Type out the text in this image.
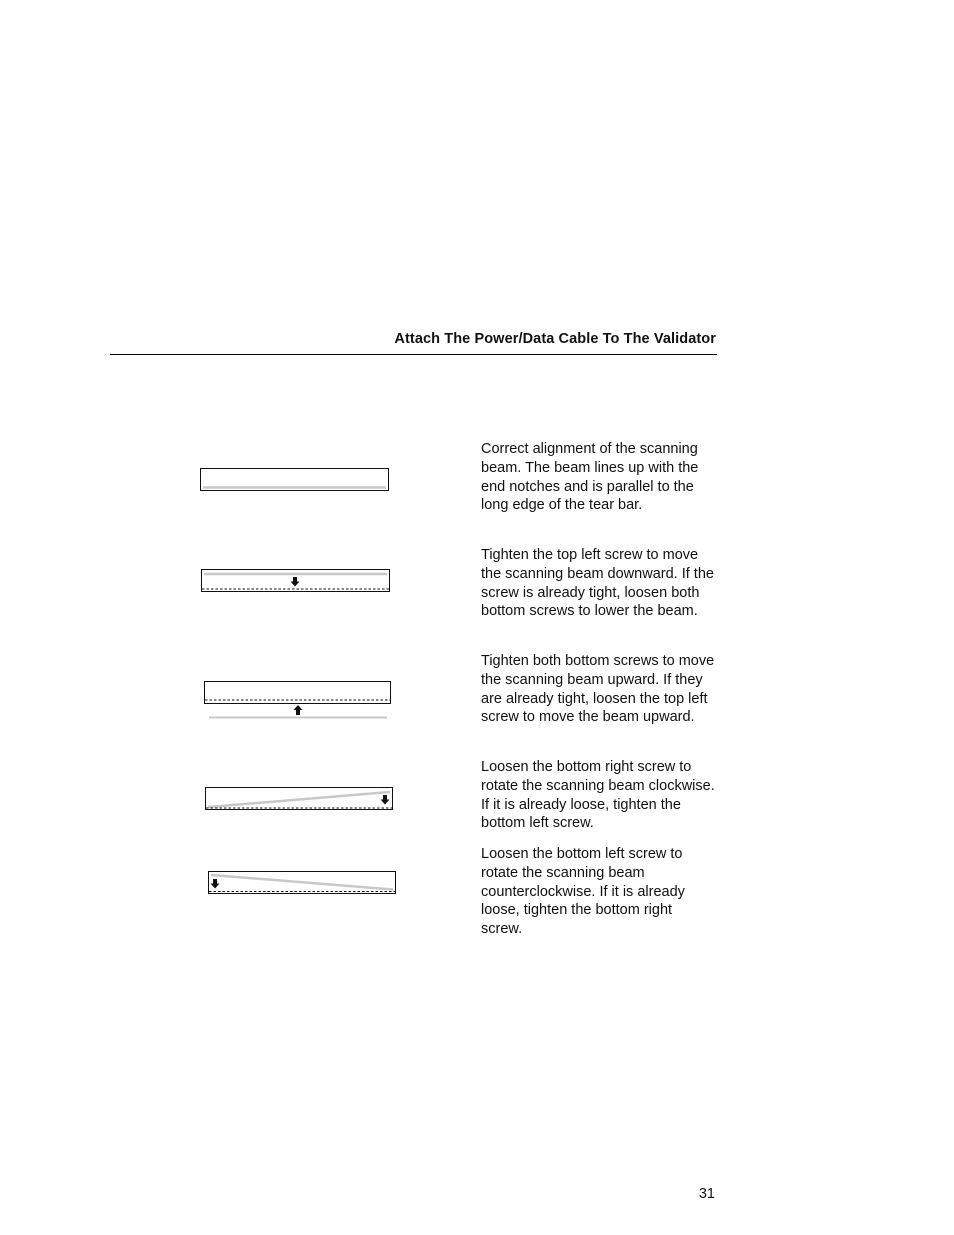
Attach The Power/Data Cable To The Validator
Correct alignment of the scanning beam. The beam lines up with the end notches and is parallel to the long edge of the tear bar.
Tighten the top left screw to move the scanning beam downward. If the screw is already tight, loosen both bottom screws to lower the beam.
Tighten both bottom screws to move the scanning beam upward. If they are already tight, loosen the top left screw to move the beam upward.
Loosen the bottom right screw to rotate the scanning beam clockwise. If it is already loose, tighten the bottom left screw.
Loosen the bottom left screw to rotate the scanning beam counterclockwise. If it is already loose, tighten the bottom right screw.
31
